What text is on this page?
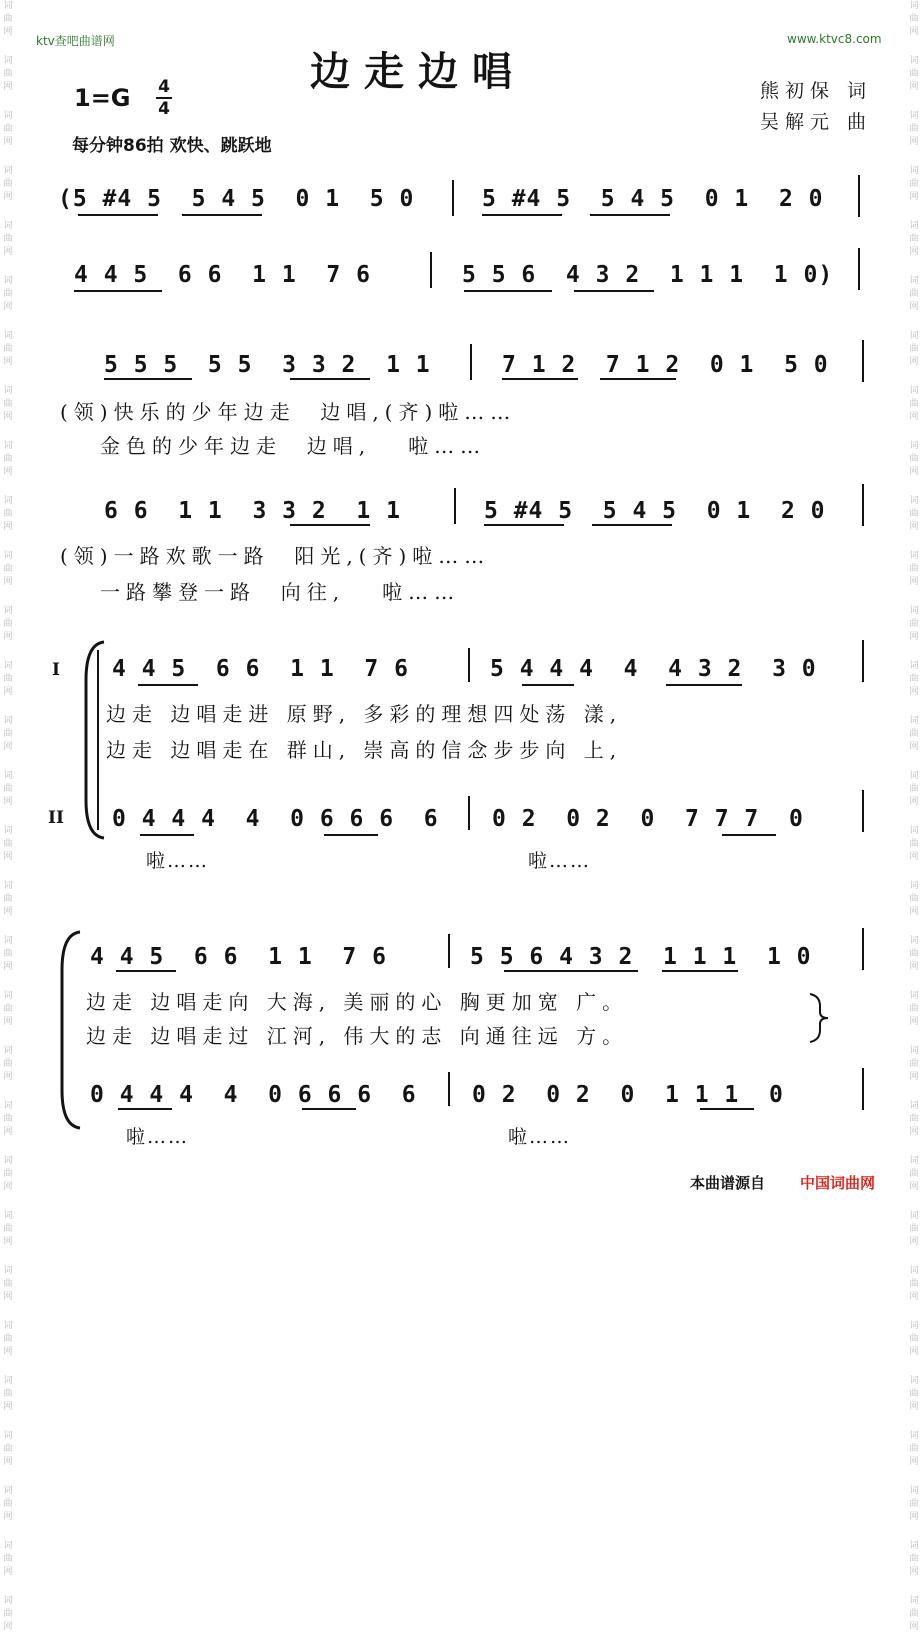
词
曲
网
词
曲
网
词
曲
网
词
曲
网
词
曲
网
词
曲
网
词
曲
网
词
曲
网
词
曲
网
词
曲
网
词
曲
网
词
曲
网
词
曲
网
词
曲
网
词
曲
网
词
曲
网
词
曲
网
词
曲
网
词
曲
网
词
曲
网
词
曲
网
词
曲
网
词
曲
网
词
曲
网
词
曲
网
词
曲
网
词
曲
网
词
曲
网
词
曲
网
词
曲
网
词
曲
网
词
曲
网
词
曲
网
词
曲
网
词
曲
网
词
曲
网
词
曲
网
词
曲
网
词
曲
网
词
曲
网
词
曲
网
词
曲
网
词
曲
网
词
曲
网
词
曲
网
词
曲
网
词
曲
网
词
曲
网
词
曲
网
词
曲
网
词
曲
网
词
曲
网
词
曲
网
词
曲
网
词
曲
网
词
曲
网
词
曲
网
词
曲
网
词
曲
网
词
曲
网
ktv查吧曲谱网	www.ktvc8.com
边走边唱
1=G 4
4
每分钟86拍 欢快、跳跃地
熊初保 词
吴解元 曲
(5 #4 5  5 4 5  0 1  5 0	5 #4 5  5 4 5  0 1  2 0
4 4 5  6 6  1 1  7 6	5 5 6  4 3 2  1 1 1  1 0)
5 5 5  5 5  3 3 2  1 1	7 1 2  7 1 2  0 1  5 0
(领)快乐的少年边走  边唱,(齐)啦……
金色的少年边走  边唱,   啦……
6 6  1 1  3 3 2  1 1	5 #4 5  5 4 5  0 1  2 0
(领)一路欢歌一路  阳光,(齐)啦……
一路攀登一路  向往,   啦……
I
II
4 4 5  6 6  1 1  7 6	5 4 4 4  4  4 3 2  3 0
边走 边唱走进 原野, 多彩的理想四处荡 漾,
边走 边唱走在 群山, 崇高的信念步步向 上,
0 4 4 4  4  0 6 6 6  6 0 2  0 2  0  7 7 7  0
啦……	啦……
4 4 5  6 6  1 1  7 6	5 5 6 4 3 2  1 1 1  1 0
边走 边唱走向 大海, 美丽的心 胸更加宽 广。
边走 边唱走过 江河, 伟大的志 向通往远 方。
0 4 4 4  4  0 6 6 6  6 0 2  0 2  0  1 1 1  0
啦……	啦……
本曲谱源自 中国词曲网
